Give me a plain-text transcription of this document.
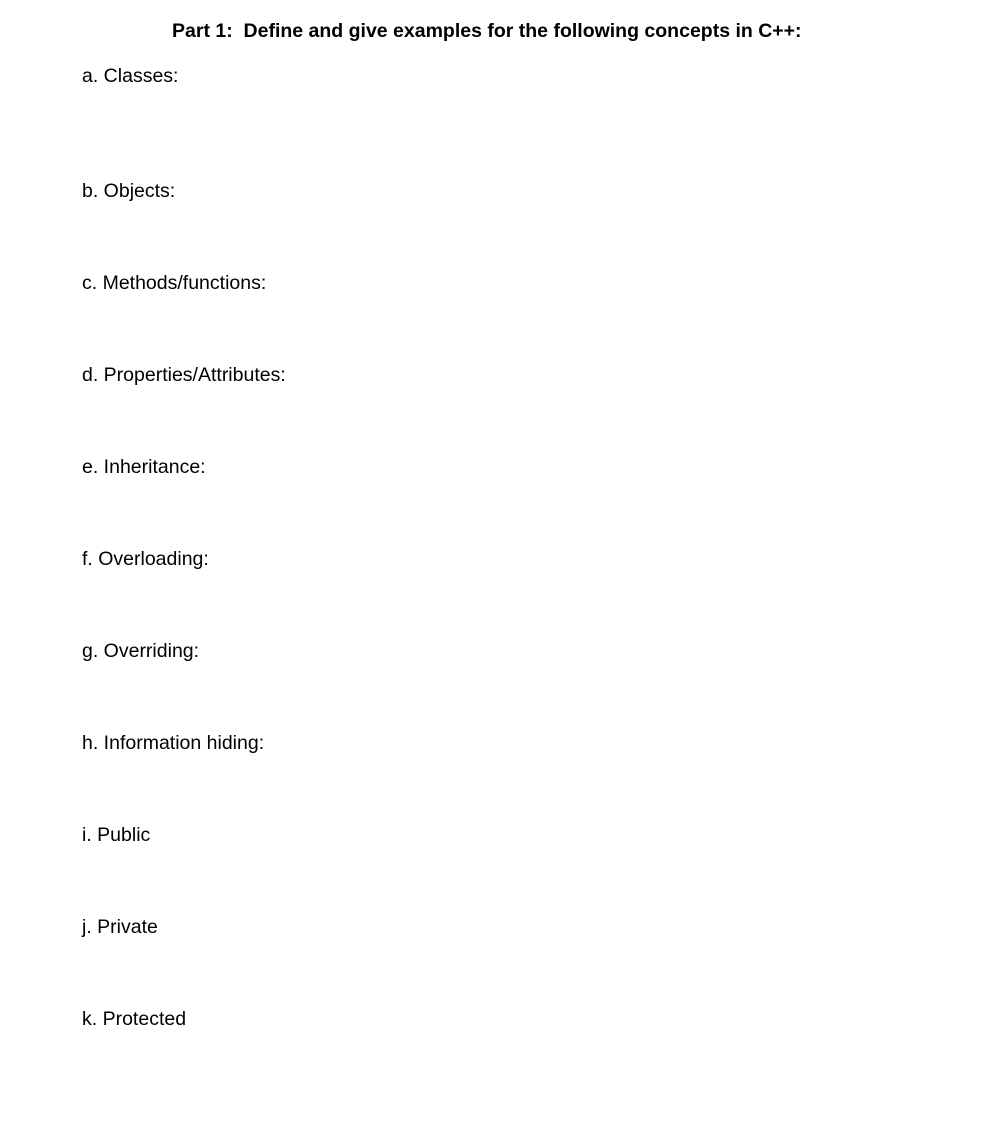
Part 1:  Define and give examples for the following concepts in C++:
a. Classes:
b. Objects:
c. Methods/functions:
d. Properties/Attributes:
e. Inheritance:
f. Overloading:
g. Overriding:
h. Information hiding:
i. Public
j. Private
k. Protected
